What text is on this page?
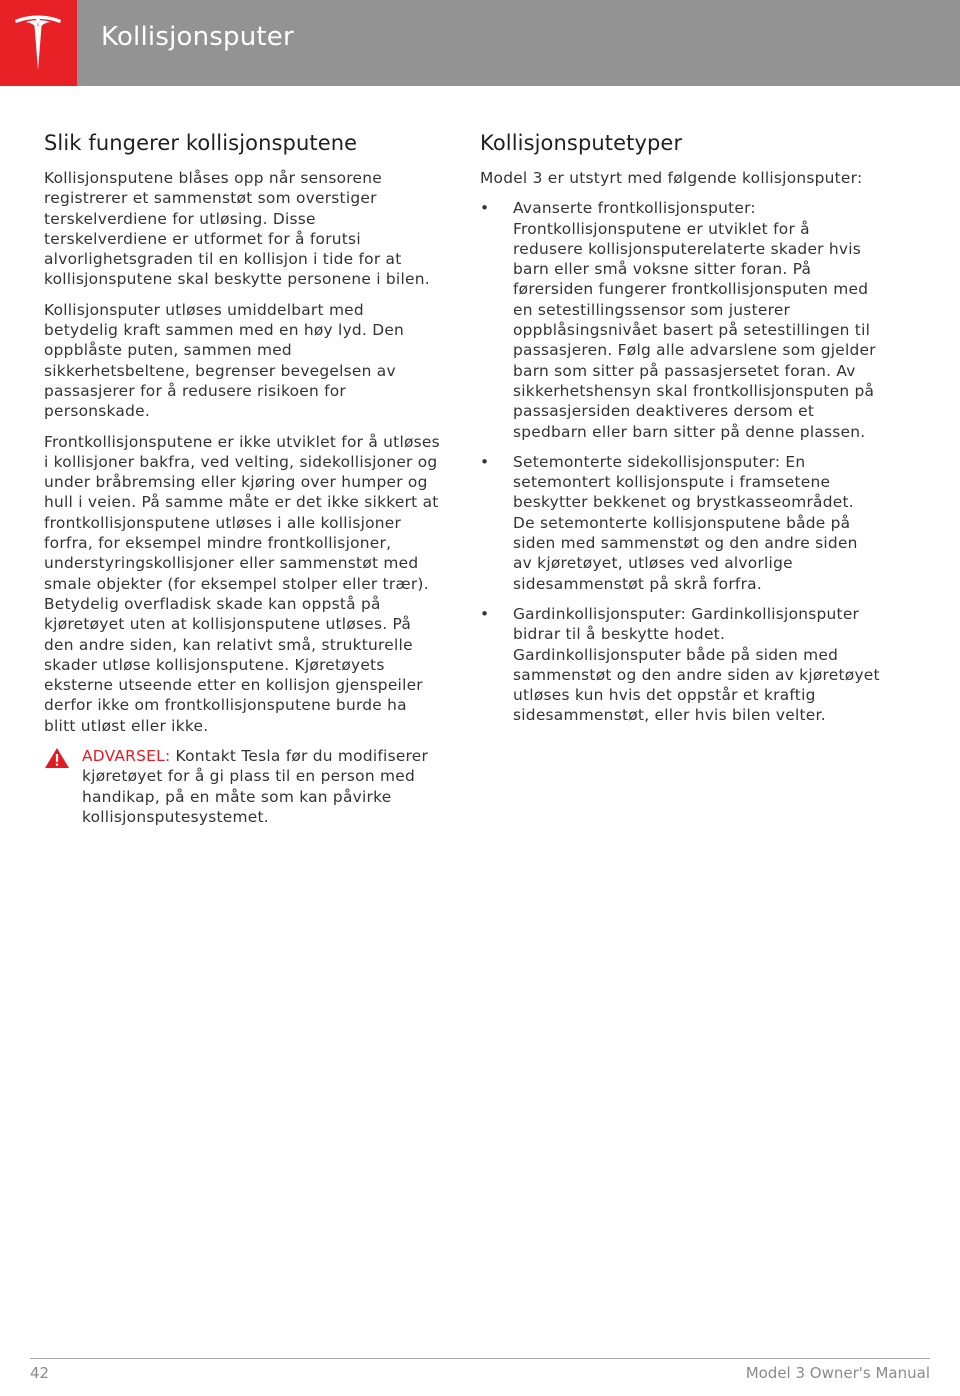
Kollisjonsputer
Slik fungerer kollisjonsputene

Kollisjonsputene blåses opp når sensorene registrerer et sammenstøt som overstiger terskelverdiene for utløsing. Disse terskelverdiene er utformet for å forutsi alvorlighetsgraden til en kollisjon i tide for at kollisjonsputene skal beskytte personene i bilen.

Kollisjonsputer utløses umiddelbart med betydelig kraft sammen med en høy lyd. Den oppblåste puten, sammen med sikkerhetsbeltene, begrenser bevegelsen av passasjerer for å redusere risikoen for personskade.

Frontkollisjonsputene er ikke utviklet for å utløses i kollisjoner bakfra, ved velting, sidekollisjoner og under bråbremsing eller kjøring over humper og hull i veien. På samme måte er det ikke sikkert at frontkollisjonsputene utløses i alle kollisjoner forfra, for eksempel mindre frontkollisjoner, understyringskollisjoner eller sammenstøt med smale objekter (for eksempel stolper eller trær). Betydelig overfladisk skade kan oppstå på kjøretøyet uten at kollisjonsputene utløses. På den andre siden, kan relativt små, strukturelle skader utløse kollisjonsputene. Kjøretøyets eksterne utseende etter en kollisjon gjenspeiler derfor ikke om frontkollisjonsputene burde ha blitt utløst eller ikke.

ADVARSEL: Kontakt Tesla før du modifiserer kjøretøyet for å gi plass til en person med handikap, på en måte som kan påvirke kollisjonsputesystemet.
Kollisjonsputetyper

Model 3 er utstyrt med følgende kollisjonsputer:

• Avanserte frontkollisjonsputer: Frontkollisjonsputene er utviklet for å redusere kollisjonsputerelaterte skader hvis barn eller små voksne sitter foran. På førersiden fungerer frontkollisjonsputen med en setestillingssensor som justerer oppblåsingsnivået basert på setestillingen til passasjeren. Følg alle advarslene som gjelder barn som sitter på passasjersetet foran. Av sikkerhetshensyn skal frontkollisjonsputen på passasjersiden deaktiveres dersom et spedbarn eller barn sitter på denne plassen.
• Setemonterte sidekollisjonsputer: En setemontert kollisjonspute i framsetene beskytter bekkenet og brystkasseområdet. De setemonterte kollisjonsputene både på siden med sammenstøt og den andre siden av kjøretøyet, utløses ved alvorlige sidesammenstøt på skrå forfra.
• Gardinkollisjonsputer: Gardinkollisjonsputer bidrar til å beskytte hodet. Gardinkollisjonsputer både på siden med sammenstøt og den andre siden av kjøretøyet utløses kun hvis det oppstår et kraftig sidesammenstøt, eller hvis bilen velter.
42	Model 3 Owner's Manual
